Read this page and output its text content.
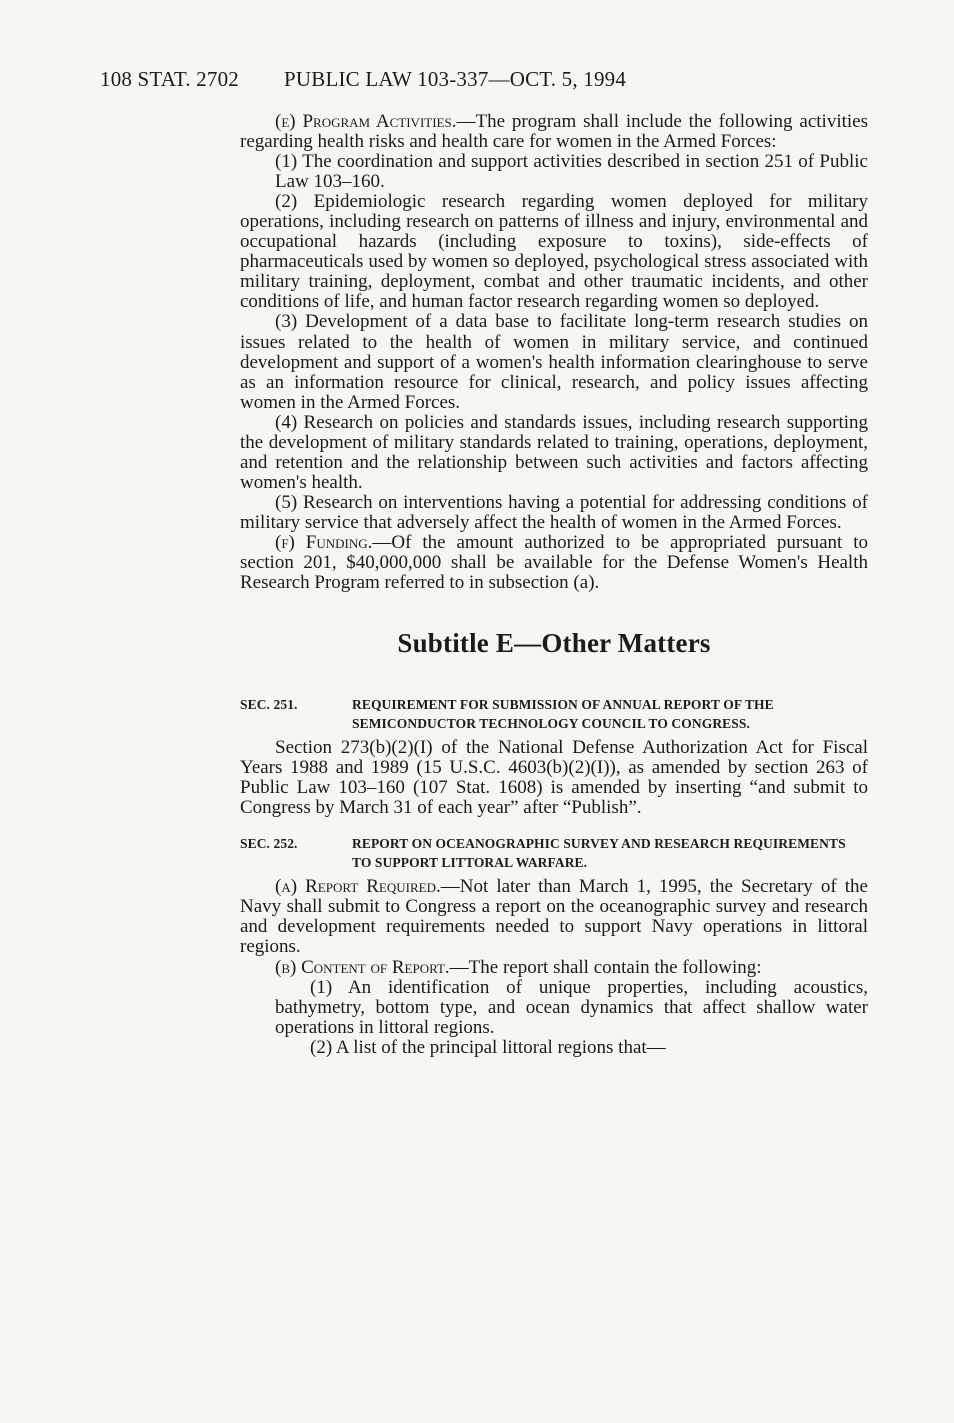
108 STAT. 2702 PUBLIC LAW 103-337—OCT. 5, 1994

(e) Program Activities.—The program shall include the following activities regarding health risks and health care for women in the Armed Forces:

(1) The coordination and support activities described in section 251 of Public Law 103–160.

(2) Epidemiologic research regarding women deployed for military operations, including research on patterns of illness and injury, environmental and occupational hazards (including exposure to toxins), side-effects of pharmaceuticals used by women so deployed, psychological stress associated with military training, deployment, combat and other traumatic incidents, and other conditions of life, and human factor research regarding women so deployed.

(3) Development of a data base to facilitate long-term research studies on issues related to the health of women in military service, and continued development and support of a women's health information clearinghouse to serve as an information resource for clinical, research, and policy issues affecting women in the Armed Forces.

(4) Research on policies and standards issues, including research supporting the development of military standards related to training, operations, deployment, and retention and the relationship between such activities and factors affecting women's health.

(5) Research on interventions having a potential for addressing conditions of military service that adversely affect the health of women in the Armed Forces.

(f) Funding.—Of the amount authorized to be appropriated pursuant to section 201, $40,000,000 shall be available for the Defense Women's Health Research Program referred to in subsection (a).

Subtitle E—Other Matters
SEC. 251.	REQUIREMENT FOR SUBMISSION OF ANNUAL REPORT OF THE SEMICONDUCTOR TECHNOLOGY COUNCIL TO CONGRESS.

Section 273(b)(2)(I) of the National Defense Authorization Act for Fiscal Years 1988 and 1989 (15 U.S.C. 4603(b)(2)(I)), as amended by section 263 of Public Law 103–160 (107 Stat. 1608) is amended by inserting “and submit to Congress by March 31 of each year” after “Publish”.

SEC. 252.	REPORT ON OCEANOGRAPHIC SURVEY AND RESEARCH REQUIREMENTS TO SUPPORT LITTORAL WARFARE.

(a) Report Required.—Not later than March 1, 1995, the Secretary of the Navy shall submit to Congress a report on the oceanographic survey and research and development requirements needed to support Navy operations in littoral regions.

(b) Content of Report.—The report shall contain the following:

(1) An identification of unique properties, including acoustics, bathymetry, bottom type, and ocean dynamics that affect shallow water operations in littoral regions.

(2) A list of the principal littoral regions that—
